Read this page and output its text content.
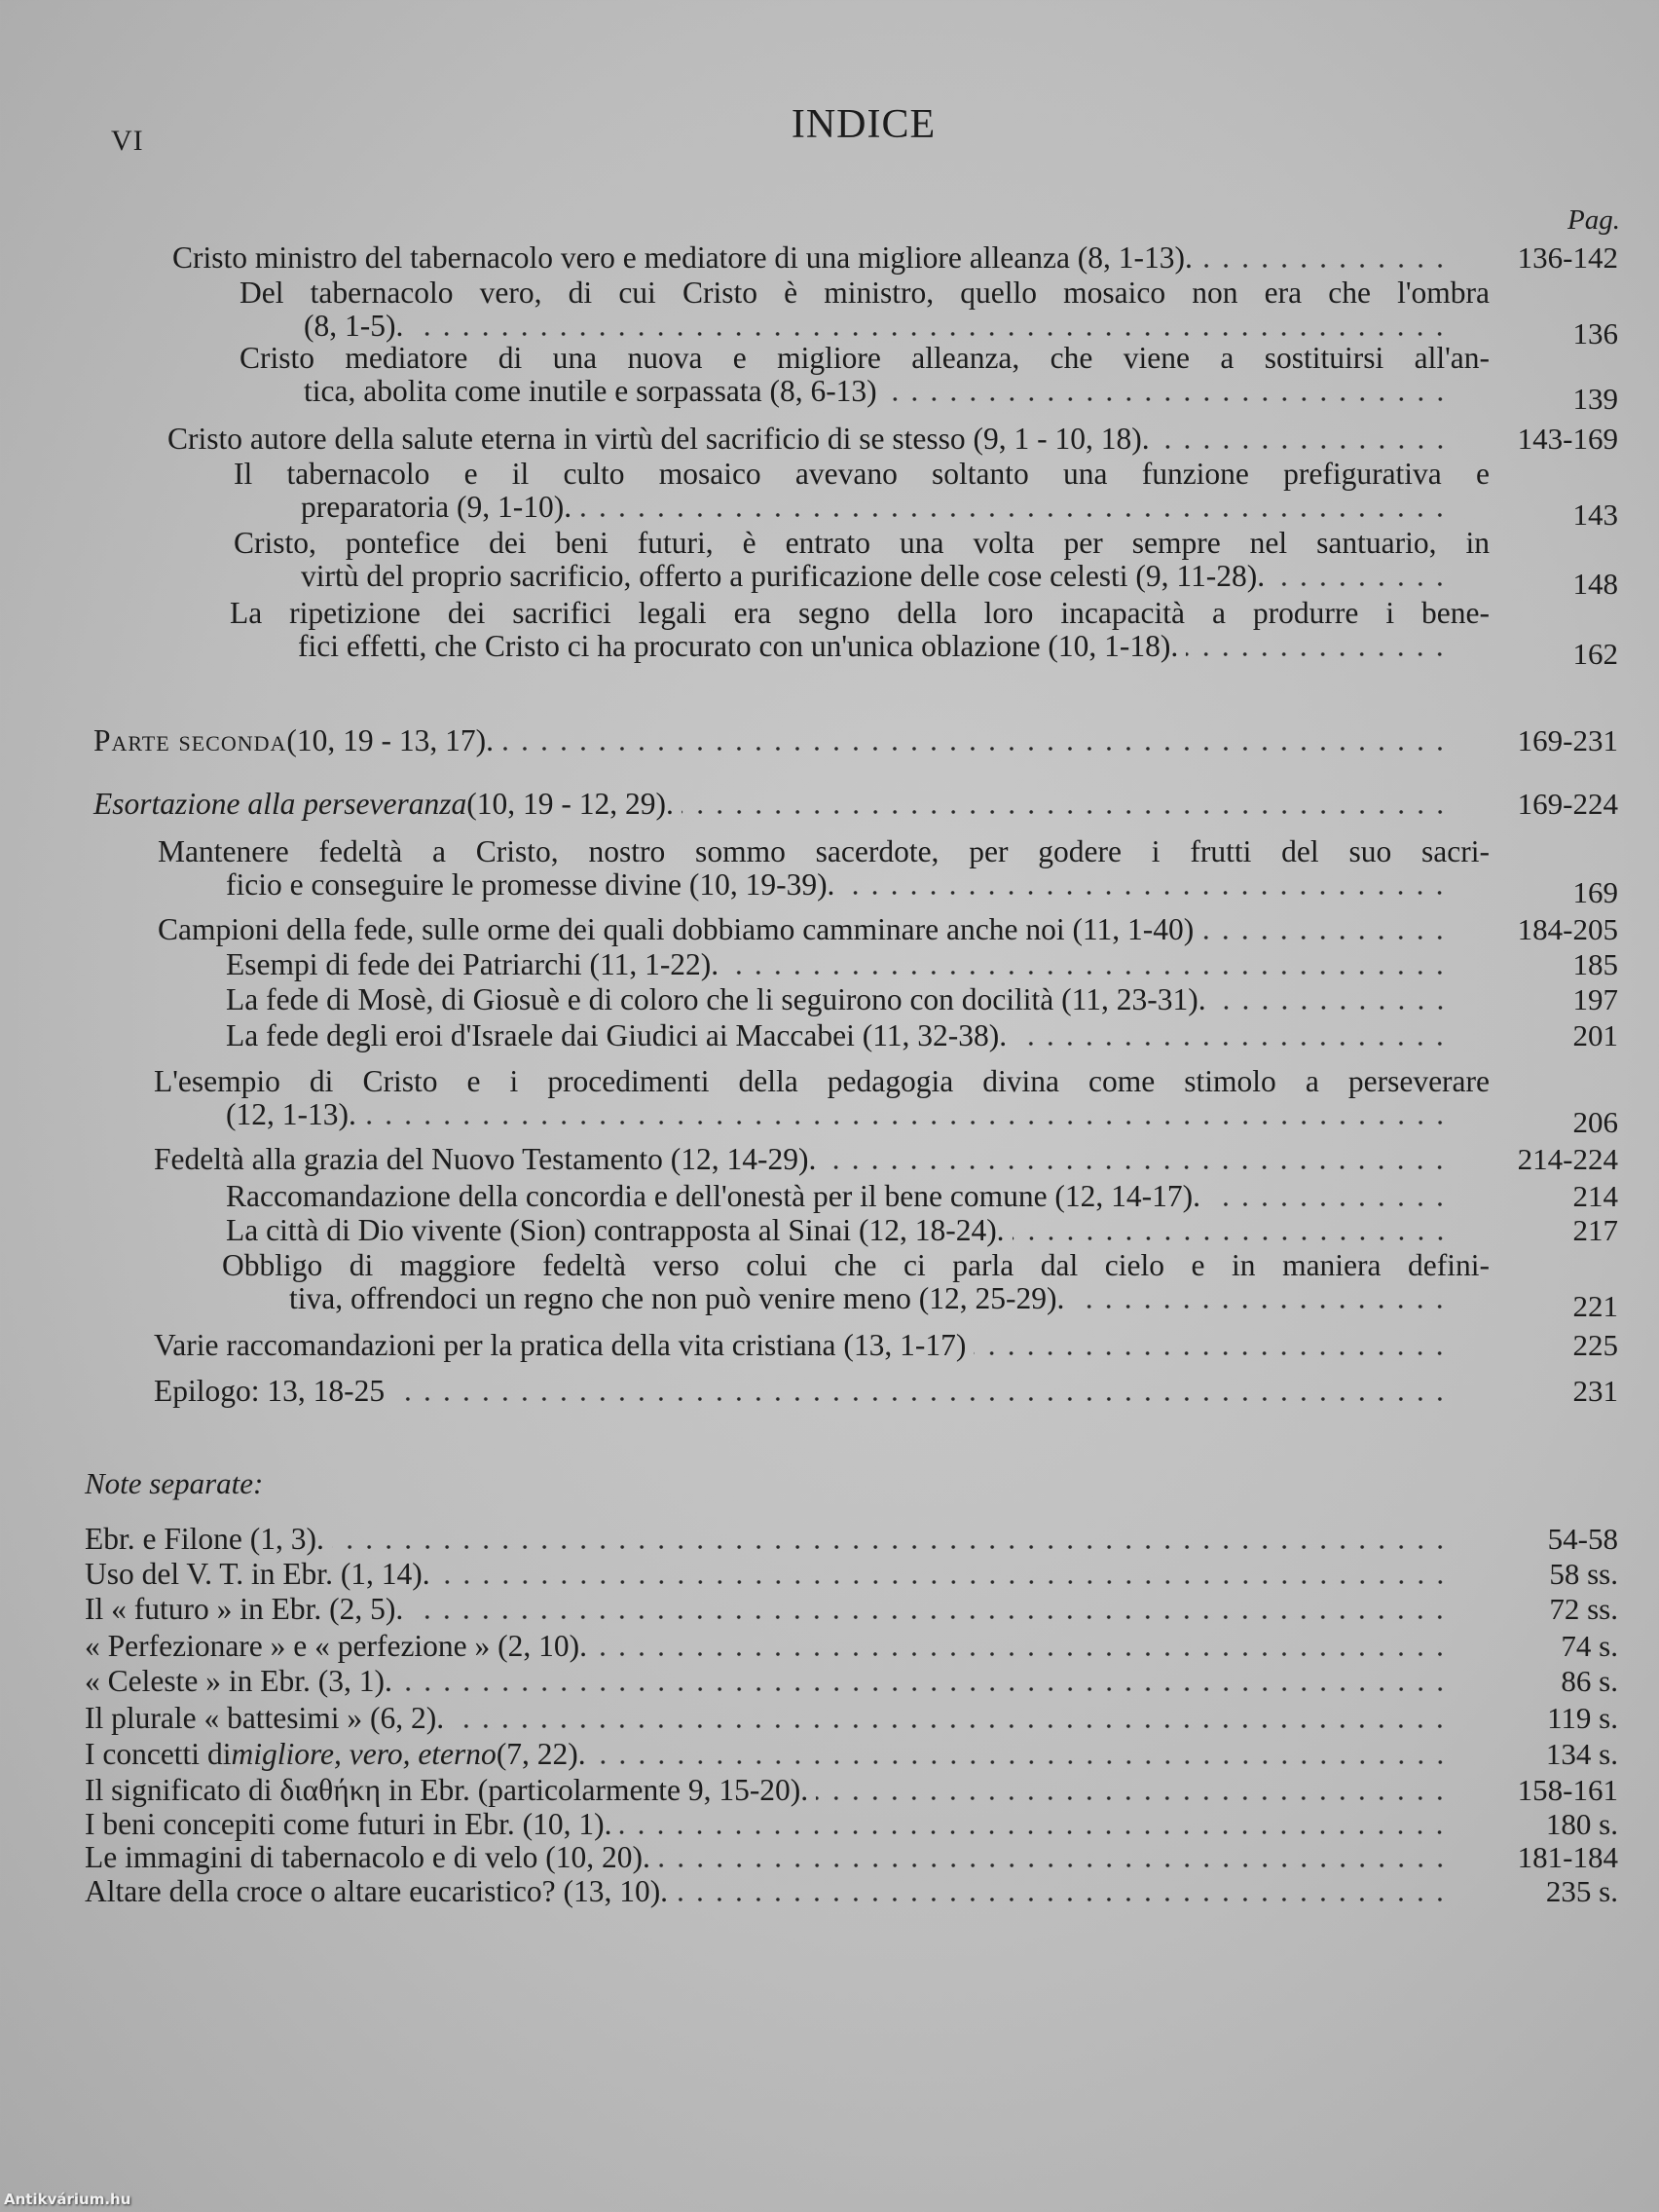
VI	INDICE
Pag.
Note separate:
Antikvárium.hu
Cristo ministro del tabernacolo vero e mediatore di una migliore alleanza (8, 1-13).	136-142
Del tabernacolo vero, di cui Cristo è ministro, quello mosaico non era che l'ombra
(8, 1-5).	136
Cristo mediatore di una nuova e migliore alleanza, che viene a sostituirsi all'an-
tica, abolita come inutile e sorpassata (8, 6-13)	139
Cristo autore della salute eterna in virtù del sacrificio di se stesso (9, 1 - 10, 18).	143-169
Il tabernacolo e il culto mosaico avevano soltanto una funzione prefigurativa e
preparatoria (9, 1-10).	143
Cristo, pontefice dei beni futuri, è entrato una volta per sempre nel santuario, in
virtù del proprio sacrificio, offerto a purificazione delle cose celesti (9, 11-28).	148
La ripetizione dei sacrifici legali era segno della loro incapacità a produrre i bene-
fici effetti, che Cristo ci ha procurato con un'unica oblazione (10, 1-18).	162
Parte seconda (10, 19 - 13, 17).	169-231
Esortazione alla perseveranza (10, 19 - 12, 29).	169-224
Mantenere fedeltà a Cristo, nostro sommo sacerdote, per godere i frutti del suo sacri-
ficio e conseguire le promesse divine (10, 19-39).	169
Campioni della fede, sulle orme dei quali dobbiamo camminare anche noi (11, 1-40)	184-205
Esempi di fede dei Patriarchi (11, 1-22).	185
La fede di Mosè, di Giosuè e di coloro che li seguirono con docilità (11, 23-31).	197
La fede degli eroi d'Israele dai Giudici ai Maccabei (11, 32-38).	201
L'esempio di Cristo e i procedimenti della pedagogia divina come stimolo a perseverare
(12, 1-13).	206
Fedeltà alla grazia del Nuovo Testamento (12, 14-29).	214-224
Raccomandazione della concordia e dell'onestà per il bene comune (12, 14-17).	214
La città di Dio vivente (Sion) contrapposta al Sinai (12, 18-24).	217
Obbligo di maggiore fedeltà verso colui che ci parla dal cielo e in maniera defini-
tiva, offrendoci un regno che non può venire meno (12, 25-29).	221
Varie raccomandazioni per la pratica della vita cristiana (13, 1-17)	225
Epilogo: 13, 18-25	231
Ebr. e Filone (1, 3).	54-58
Uso del V. T. in Ebr. (1, 14).	58 ss.
Il « futuro » in Ebr. (2, 5).	72 ss.
« Perfezionare » e « perfezione » (2, 10).	74 s.
« Celeste » in Ebr. (3, 1).	86 s.
Il plurale « battesimi » (6, 2).	119 s.
I concetti di migliore, vero, eterno (7, 22).	134 s.
Il significato di διαθήκη in Ebr. (particolarmente 9, 15-20).	158-161
I beni concepiti come futuri in Ebr. (10, 1).	180 s.
Le immagini di tabernacolo e di velo (10, 20).	181-184
Altare della croce o altare eucaristico? (13, 10).	235 s.
